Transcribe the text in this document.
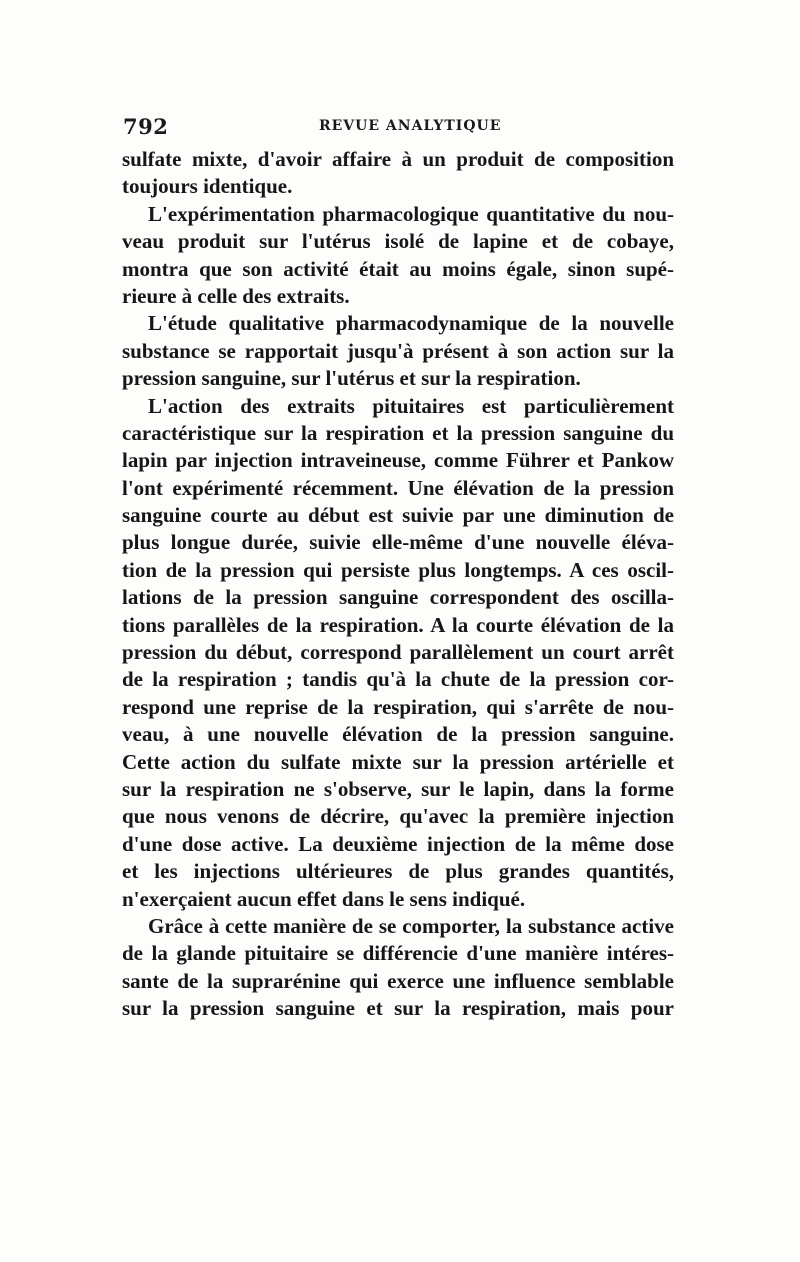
792	REVUE ANALYTIQUE
sulfate mixte, d'avoir affaire à un produit de composition
toujours identique.
L'expérimentation pharmacologique quantitative du nou-
veau produit sur l'utérus isolé de lapine et de cobaye,
montra que son activité était au moins égale, sinon supé-
rieure à celle des extraits.
L'étude qualitative pharmacodynamique de la nouvelle
substance se rapportait jusqu'à présent à son action sur la
pression sanguine, sur l'utérus et sur la respiration.
L'action des extraits pituitaires est particulièrement
caractéristique sur la respiration et la pression sanguine du
lapin par injection intraveineuse, comme Führer et Pankow
l'ont expérimenté récemment. Une élévation de la pression
sanguine courte au début est suivie par une diminution de
plus longue durée, suivie elle-même d'une nouvelle éléva-
tion de la pression qui persiste plus longtemps. A ces oscil-
lations de la pression sanguine correspondent des oscilla-
tions parallèles de la respiration. A la courte élévation de la
pression du début, correspond parallèlement un court arrêt
de la respiration ; tandis qu'à la chute de la pression cor-
respond une reprise de la respiration, qui s'arrête de nou-
veau, à une nouvelle élévation de la pression sanguine.
Cette action du sulfate mixte sur la pression artérielle et
sur la respiration ne s'observe, sur le lapin, dans la forme
que nous venons de décrire, qu'avec la première injection
d'une dose active. La deuxième injection de la même dose
et les injections ultérieures de plus grandes quantités,
n'exerçaient aucun effet dans le sens indiqué.
Grâce à cette manière de se comporter, la substance active
de la glande pituitaire se différencie d'une manière intéres-
sante de la suprarénine qui exerce une influence semblable
sur la pression sanguine et sur la respiration, mais pour
